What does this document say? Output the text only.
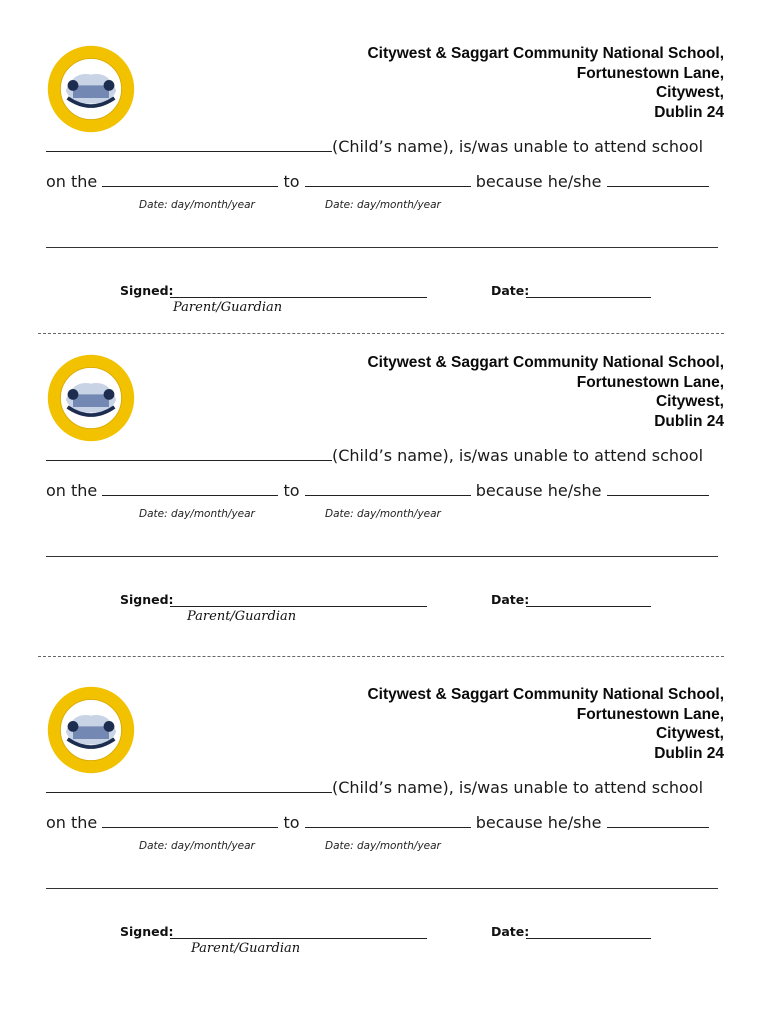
Citywest & Saggart Community National School,
Fortunestown Lane,
Citywest,
Dublin 24
(Child’s name), is/was unable to attend school
on the	to	because he/she
Date: day/month/year	Date: day/month/year
Signed:
Parent/Guardian
Date:
Citywest & Saggart Community National School,
Fortunestown Lane,
Citywest,
Dublin 24
(Child’s name), is/was unable to attend school
on the	to	because he/she
Date: day/month/year	Date: day/month/year
Signed:
Parent/Guardian
Date:
Citywest & Saggart Community National School,
Fortunestown Lane,
Citywest,
Dublin 24
(Child’s name), is/was unable to attend school
on the	to	because he/she
Date: day/month/year	Date: day/month/year
Signed:
Parent/Guardian
Date:
